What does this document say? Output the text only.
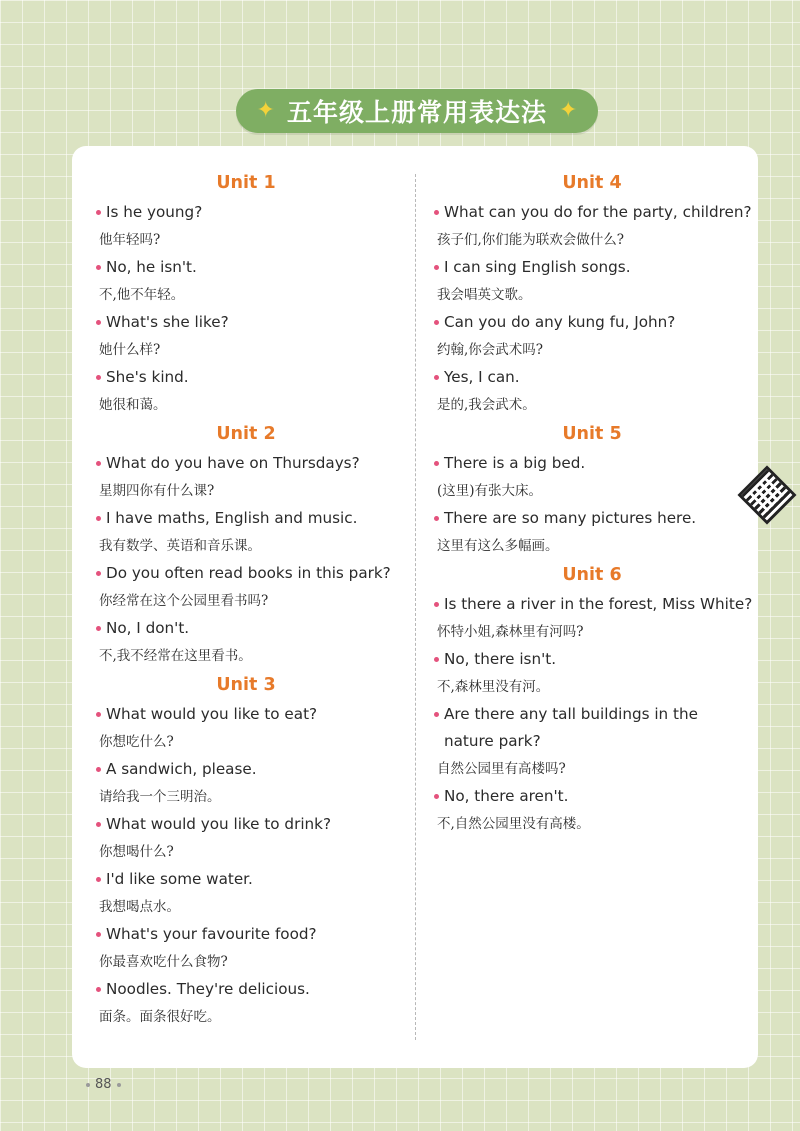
✦ 五年级上册常用表达法 ✦
Unit 1
Is he young?
他年轻吗?
No, he isn't.
不,他不年轻。
What's she like?
她什么样?
She's kind.
她很和蔼。
Unit 2
What do you have on Thursdays?
星期四你有什么课?
I have maths, English and music.
我有数学、英语和音乐课。
Do you often read books in this park?
你经常在这个公园里看书吗?
No, I don't.
不,我不经常在这里看书。
Unit 3
What would you like to eat?
你想吃什么?
A sandwich, please.
请给我一个三明治。
What would you like to drink?
你想喝什么?
I'd like some water.
我想喝点水。
What's your favourite food?
你最喜欢吃什么食物?
Noodles. They're delicious.
面条。面条很好吃。
Unit 4
What can you do for the party, children?
孩子们,你们能为联欢会做什么?
I can sing English songs.
我会唱英文歌。
Can you do any kung fu, John?
约翰,你会武术吗?
Yes, I can.
是的,我会武术。
Unit 5
There is a big bed.
(这里)有张大床。
There are so many pictures here.
这里有这么多幅画。
Unit 6
Is there a river in the forest, Miss White?
怀特小姐,森林里有河吗?
No, there isn't.
不,森林里没有河。
Are there any tall buildings in the nature park?
自然公园里有高楼吗?
No, there aren't.
不,自然公园里没有高楼。
88
